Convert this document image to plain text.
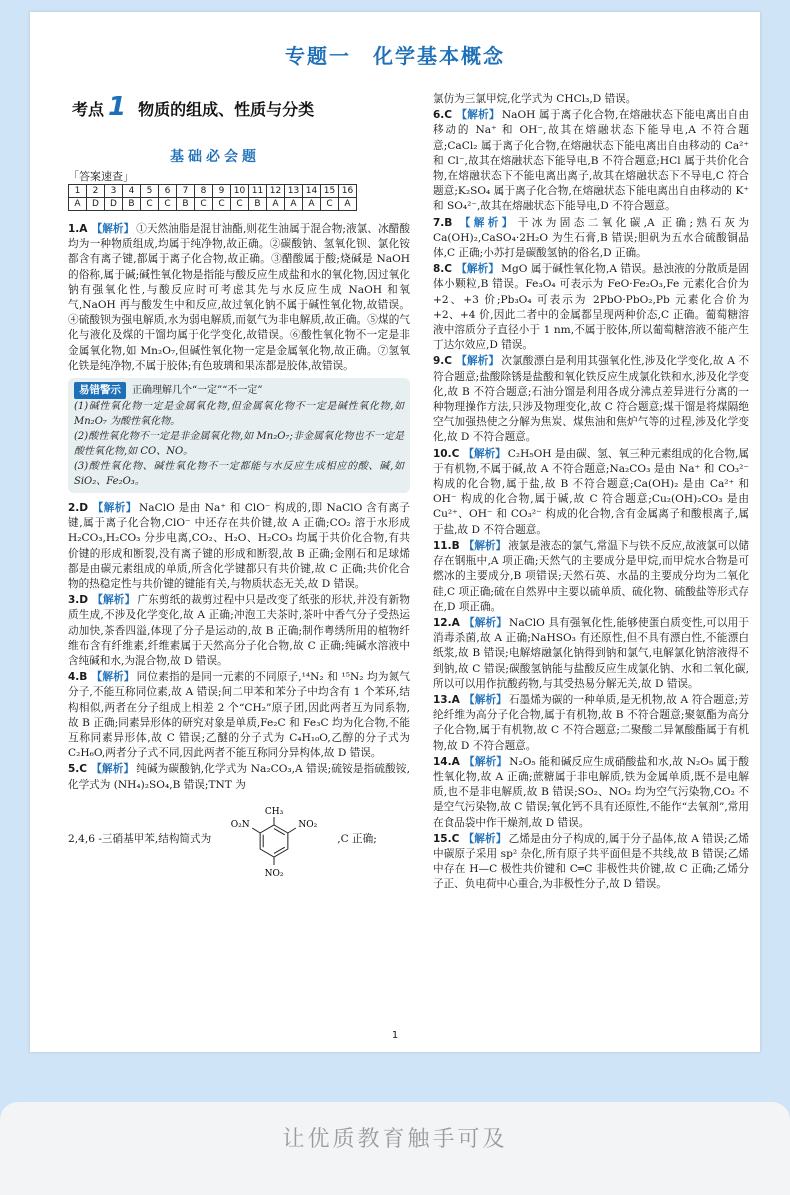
专题一 化学基本概念
考点 1 物质的组成、性质与分类
基础必会题
「答案速查」
1	2	3	4	5	6	7	8	9	10	11	12	13	14	15	16
A	D	D	B	C	C	B	C	C	C	B	A	A	A	C	A
1.A 【解析】 ①天然油脂是混甘油酯,则花生油属于混合物;液氯、冰醋酸均为一种物质组成,均属于纯净物,故正确。②碳酸钠、氢氧化钡、氯化铵都含有离子键,都属于离子化合物,故正确。③醋酸属于酸;烧碱是 NaOH 的俗称,属于碱;碱性氧化物是指能与酸反应生成盐和水的氧化物,因过氧化钠有强氧化性,与酸反应时可考虑其先与水反应生成 NaOH 和氧气,NaOH 再与酸发生中和反应,故过氧化钠不属于碱性氧化物,故错误。④硫酸钡为强电解质,水为弱电解质,而氨气为非电解质,故正确。⑤煤的气化与液化及煤的干馏均属于化学变化,故错误。⑥酸性氧化物不一定是非金属氧化物,如 Mn₂O₇,但碱性氧化物一定是金属氧化物,故正确。⑦氢氧化铁是纯净物,不属于胶体;有色玻璃和果冻都是胶体,故错误。
易错警示	正确理解几个“一定”“不一定”

(1)碱性氧化物一定是金属氧化物,但金属氧化物不一定是碱性氧化物,如 Mn₂O₇ 为酸性氧化物。

(2)酸性氧化物不一定是非金属氧化物,如 Mn₂O₇;非金属氧化物也不一定是酸性氧化物,如 CO、NO。

(3)酸性氧化物、碱性氧化物不一定都能与水反应生成相应的酸、碱,如 SiO₂、Fe₂O₃。

2.D 【解析】 NaClO 是由 Na⁺ 和 ClO⁻ 构成的,即 NaClO 含有离子键,属于离子化合物,ClO⁻ 中还存在共价键,故 A 正确;CO₂ 溶于水形成 H₂CO₃,H₂CO₃ 分步电离,CO₂、H₂O、H₂CO₃ 均属于共价化合物,有共价键的形成和断裂,没有离子键的形成和断裂,故 B 正确;金刚石和足球烯都是由碳元素组成的单质,所含化学键都只有共价键,故 C 正确;共价化合物的热稳定性与共价键的键能有关,与物质状态无关,故 D 错误。
3.D 【解析】 广东剪纸的裁剪过程中只是改变了纸张的形状,并没有新物质生成,不涉及化学变化,故 A 正确;冲泡工夫茶时,茶叶中香气分子受热运动加快,茶香四溢,体现了分子是运动的,故 B 正确;制作粤绣所用的植物纤维布含有纤维素,纤维素属于天然高分子化合物,故 C 正确;纯碱水溶液中含纯碱和水,为混合物,故 D 错误。
4.B 【解析】 同位素指的是同一元素的不同原子,¹⁴N₂ 和 ¹⁵N₂ 均为氮气分子,不能互称同位素,故 A 错误;间二甲苯和苯分子中均含有 1 个苯环,结构相似,两者在分子组成上相差 2 个“CH₂”原子团,因此两者互为同系物,故 B 正确;同素异形体的研究对象是单质,Fe₂C 和 Fe₃C 均为化合物,不能互称同素异形体,故 C 错误;乙醚的分子式为 C₄H₁₀O,乙醇的分子式为 C₂H₆O,两者分子式不同,因此两者不能互称同分异构体,故 D 错误。
5.C 【解析】 纯碱为碳酸钠,化学式为 Na₂CO₃,A 错误;硫铵是指硫酸铵,化学式为 (NH₄)₂SO₄,B 错误;TNT 为
2,4,6 -三硝基甲苯,结构简式为
CH₃
O₂N	NO₂
NO₂
,C 正确;
氯仿为三氯甲烷,化学式为 CHCl₃,D 错误。
6.C 【解析】 NaOH 属于离子化合物,在熔融状态下能电离出自由移动的 Na⁺ 和 OH⁻,故其在熔融状态下能导电,A 不符合题意;CaCl₂ 属于离子化合物,在熔融状态下能电离出自由移动的 Ca²⁺ 和 Cl⁻,故其在熔融状态下能导电,B 不符合题意;HCl 属于共价化合物,在熔融状态下不能电离出离子,故其在熔融状态下不导电,C 符合题意;K₂SO₄ 属于离子化合物,在熔融状态下能电离出自由移动的 K⁺ 和 SO₄²⁻,故其在熔融状态下能导电,D 不符合题意。
7.B 【解析】 干冰为固态二氧化碳,A 正确;熟石灰为 Ca(OH)₂,CaSO₄·2H₂O 为生石膏,B 错误;胆矾为五水合硫酸铜晶体,C 正确;小苏打是碳酸氢钠的俗名,D 正确。
8.C 【解析】 MgO 属于碱性氧化物,A 错误。悬浊液的分散质是固体小颗粒,B 错误。Fe₃O₄ 可表示为 FeO·Fe₂O₃,Fe 元素化合价为 +2、+3 价;Pb₃O₄ 可表示为 2PbO·PbO₂,Pb 元素化合价为 +2、+4 价,因此二者中的金属都呈现两种价态,C 正确。葡萄糖溶液中溶质分子直径小于 1 nm,不属于胶体,所以葡萄糖溶液不能产生丁达尔效应,D 错误。
9.C 【解析】 次氯酸漂白是利用其强氧化性,涉及化学变化,故 A 不符合题意;盐酸除锈是盐酸和氧化铁反应生成氯化铁和水,涉及化学变化,故 B 不符合题意;石油分馏是利用各成分沸点差异进行分离的一种物理操作方法,只涉及物理变化,故 C 符合题意;煤干馏是将煤隔绝空气加强热使之分解为焦炭、煤焦油和焦炉气等的过程,涉及化学变化,故 D 不符合题意。
10.C 【解析】 C₂H₅OH 是由碳、氢、氧三种元素组成的化合物,属于有机物,不属于碱,故 A 不符合题意;Na₂CO₃ 是由 Na⁺ 和 CO₃²⁻ 构成的化合物,属于盐,故 B 不符合题意;Ca(OH)₂ 是由 Ca²⁺ 和 OH⁻ 构成的化合物,属于碱,故 C 符合题意;Cu₂(OH)₂CO₃ 是由 Cu²⁺、OH⁻ 和 CO₃²⁻ 构成的化合物,含有金属离子和酸根离子,属于盐,故 D 不符合题意。
11.B 【解析】 液氯是液态的氯气,常温下与铁不反应,故液氯可以储存在钢瓶中,A 项正确;天然气的主要成分是甲烷,而甲烷水合物是可燃冰的主要成分,B 项错误;天然石英、水晶的主要成分均为二氧化硅,C 项正确;硫在自然界中主要以硫单质、硫化物、硫酸盐等形式存在,D 项正确。
12.A 【解析】 NaClO 具有强氧化性,能够使蛋白质变性,可以用于消毒杀菌,故 A 正确;NaHSO₃ 有还原性,但不具有漂白性,不能漂白纸浆,故 B 错误;电解熔融氯化钠得到钠和氯气,电解氯化钠溶液得不到钠,故 C 错误;碳酸氢钠能与盐酸反应生成氯化钠、水和二氧化碳,所以可以用作抗酸药物,与其受热易分解无关,故 D 错误。
13.A 【解析】 石墨烯为碳的一种单质,是无机物,故 A 符合题意;芳纶纤维为高分子化合物,属于有机物,故 B 不符合题意;聚氨酯为高分子化合物,属于有机物,故 C 不符合题意;二聚酸二异氰酸酯属于有机物,故 D 不符合题意。
14.A 【解析】 N₂O₅ 能和碱反应生成硝酸盐和水,故 N₂O₅ 属于酸性氧化物,故 A 正确;蔗糖属于非电解质,铁为金属单质,既不是电解质,也不是非电解质,故 B 错误;SO₂、NO₂ 均为空气污染物,CO₂ 不是空气污染物,故 C 错误;氧化钙不具有还原性,不能作“去氧剂”,常用在食品袋中作干燥剂,故 D 错误。
15.C 【解析】 乙烯是由分子构成的,属于分子晶体,故 A 错误;乙烯中碳原子采用 sp² 杂化,所有原子共平面但是不共线,故 B 错误;乙烯中存在 H—C 极性共价键和 C═C 非极性共价键,故 C 正确;乙烯分子正、负电荷中心重合,为非极性分子,故 D 错误。
1
让优质教育触手可及
